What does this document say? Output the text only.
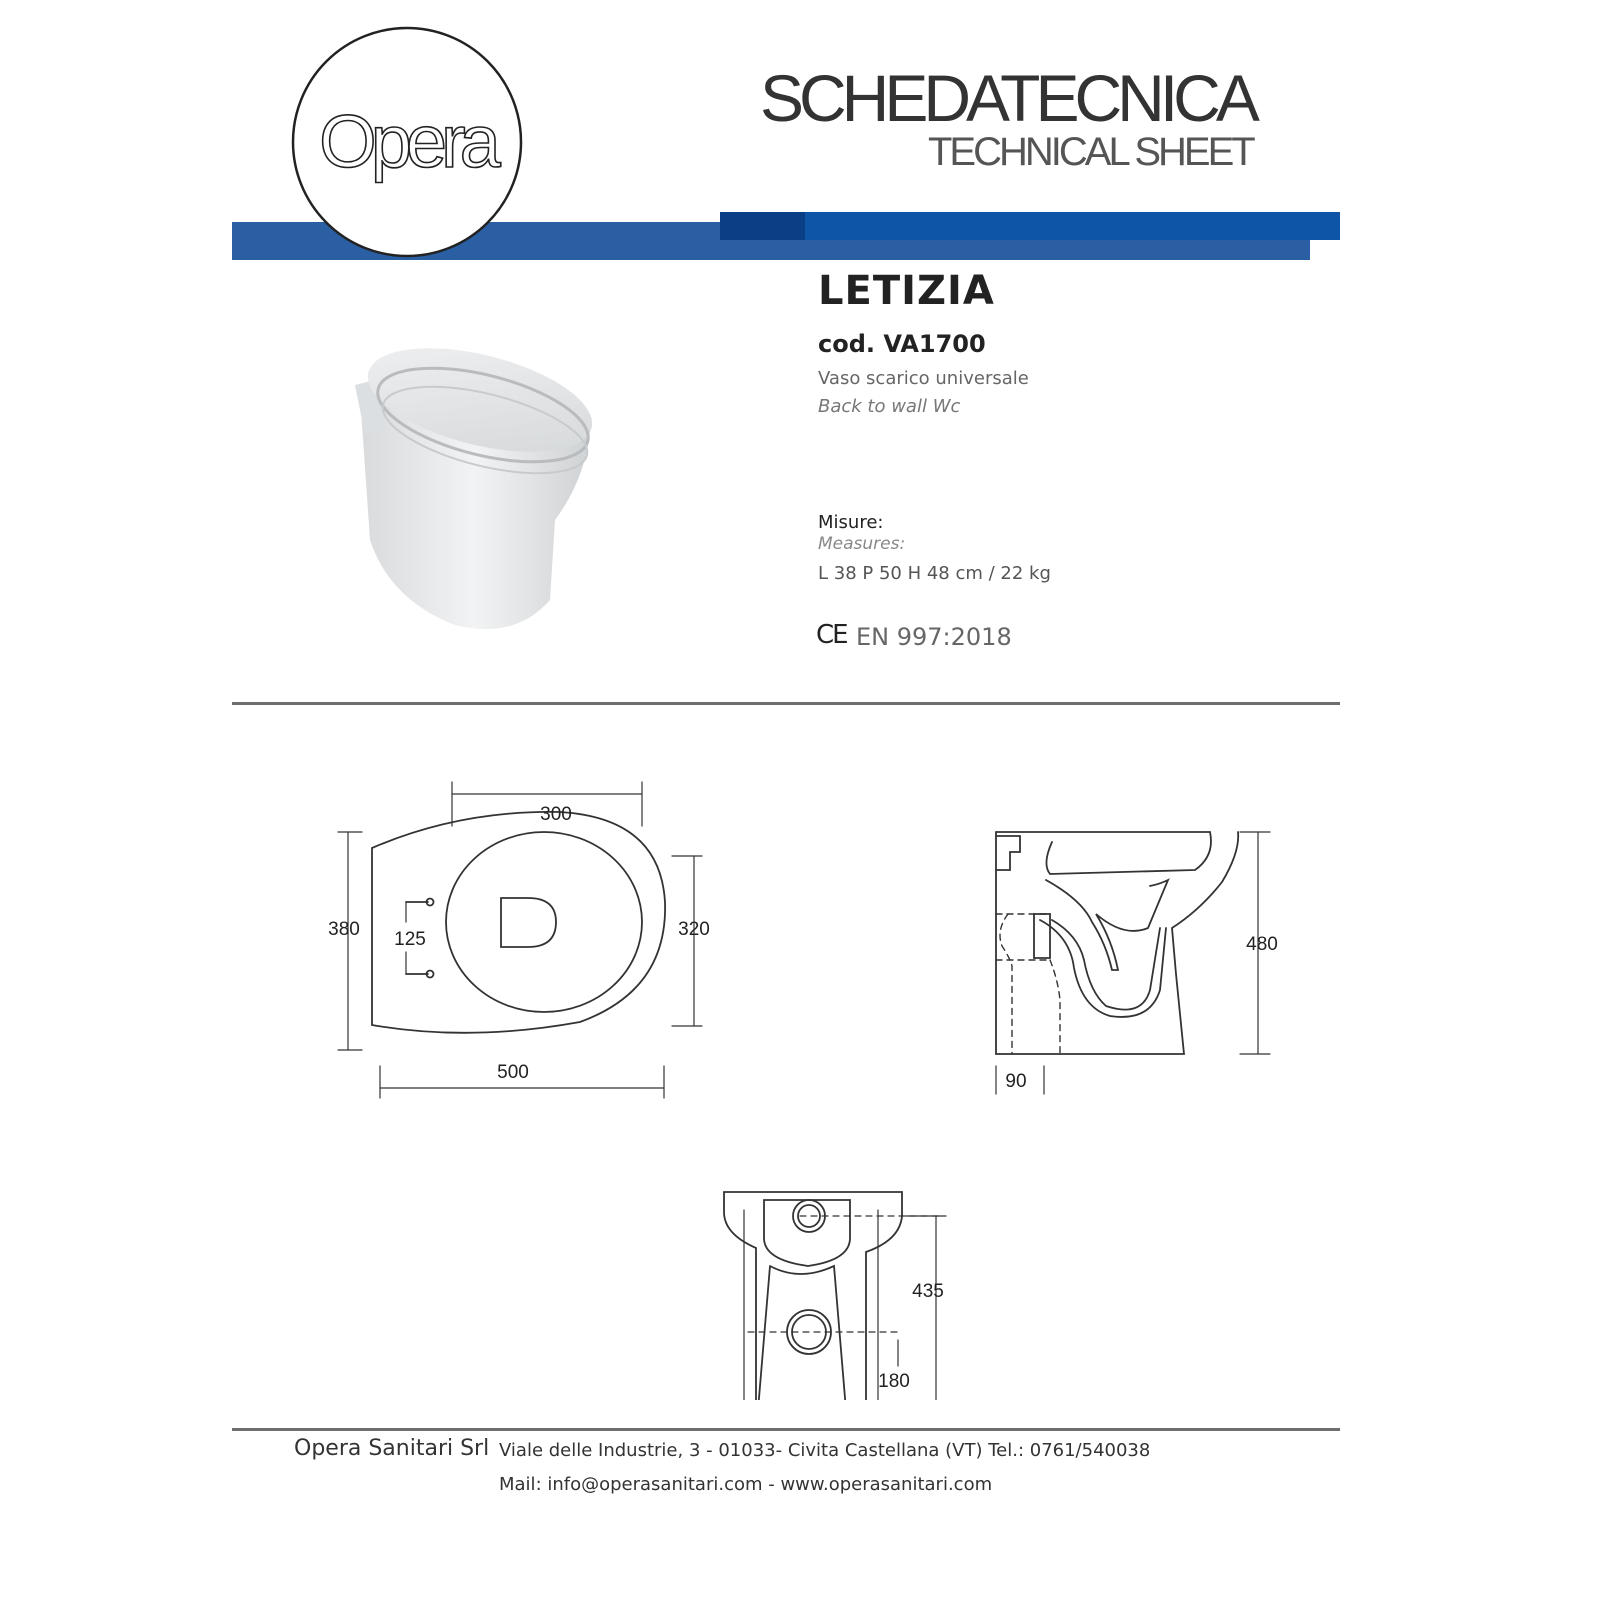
Opera
SCHEDATECNICA
TECHNICAL SHEET
LETIZIA
cod. VA1700
Vaso scarico universale
Back to wall Wc
Misure:
Measures:
L 38 P 50 H 48 cm / 22 kg
CE EN 997:2018
300
380 125	320
500
480
90
435
180
Opera Sanitari Srl Viale delle Industrie, 3 - 01033- Civita Castellana (VT) Tel.: 0761/540038
Mail: info@operasanitari.com - www.operasanitari.com
